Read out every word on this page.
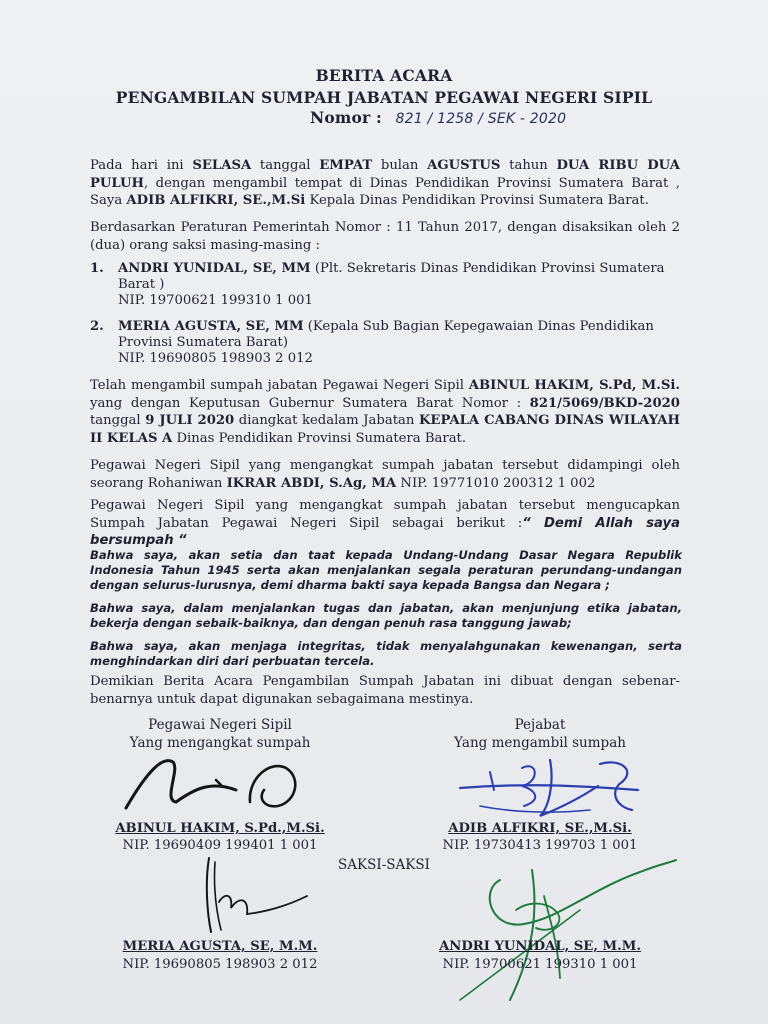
BERITA ACARA
PENGAMBILAN SUMPAH JABATAN PEGAWAI NEGERI SIPIL
Nomor : 821 / 1258 / SEK - 2020
Pada hari ini SELASA tanggal EMPAT bulan AGUSTUS tahun DUA RIBU DUA PULUH, dengan mengambil tempat di Dinas Pendidikan Provinsi Sumatera Barat , Saya ADIB ALFIKRI, SE.,M.Si Kepala Dinas Pendidikan Provinsi Sumatera Barat.
Berdasarkan Peraturan Pemerintah Nomor : 11 Tahun 2017, dengan disaksikan oleh 2 (dua) orang saksi masing-masing :
1. ANDRI YUNIDAL, SE, MM (Plt. Sekretaris Dinas Pendidikan Provinsi Sumatera Barat )
NIP. 19700621 199310 1 001
2. MERIA AGUSTA, SE, MM (Kepala Sub Bagian Kepegawaian Dinas Pendidikan Provinsi Sumatera Barat)
NIP. 19690805 198903 2 012
Telah mengambil sumpah jabatan Pegawai Negeri Sipil ABINUL HAKIM, S.Pd, M.Si. yang dengan Keputusan Gubernur Sumatera Barat Nomor : 821/5069/BKD-2020 tanggal 9 JULI 2020 diangkat kedalam Jabatan KEPALA CABANG DINAS WILAYAH II KELAS A Dinas Pendidikan Provinsi Sumatera Barat.
Pegawai Negeri Sipil yang mengangkat sumpah jabatan tersebut didampingi oleh seorang Rohaniwan IKRAR ABDI, S.Ag, MA NIP. 19771010 200312 1 002
Pegawai Negeri Sipil yang mengangkat sumpah jabatan tersebut mengucapkan Sumpah Jabatan Pegawai Negeri Sipil sebagai berikut :“ Demi Allah saya bersumpah “
Bahwa saya, akan setia dan taat kepada Undang-Undang Dasar Negara Republik Indonesia Tahun 1945 serta akan menjalankan segala peraturan perundang-undangan dengan selurus-lurusnya, demi dharma bakti saya kepada Bangsa dan Negara ;
Bahwa saya, dalam menjalankan tugas dan jabatan, akan menjunjung etika jabatan, bekerja dengan sebaik-baiknya, dan dengan penuh rasa tanggung jawab;
Bahwa saya, akan menjaga integritas, tidak menyalahgunakan kewenangan, serta menghindarkan diri dari perbuatan tercela.
Demikian Berita Acara Pengambilan Sumpah Jabatan ini dibuat dengan sebenar-benarnya untuk dapat digunakan sebagaimana mestinya.
Pegawai Negeri Sipil
Yang mengangkat sumpah
Pejabat
Yang mengambil sumpah
ABINUL HAKIM, S.Pd.,M.Si.
NIP. 19690409 199401 1 001
ADIB ALFIKRI, SE.,M.Si.
NIP. 19730413 199703 1 001
SAKSI-SAKSI
MERIA AGUSTA, SE, M.M.
NIP. 19690805 198903 2 012
ANDRI YUNIDAL, SE, M.M.
NIP. 19700621 199310 1 001
